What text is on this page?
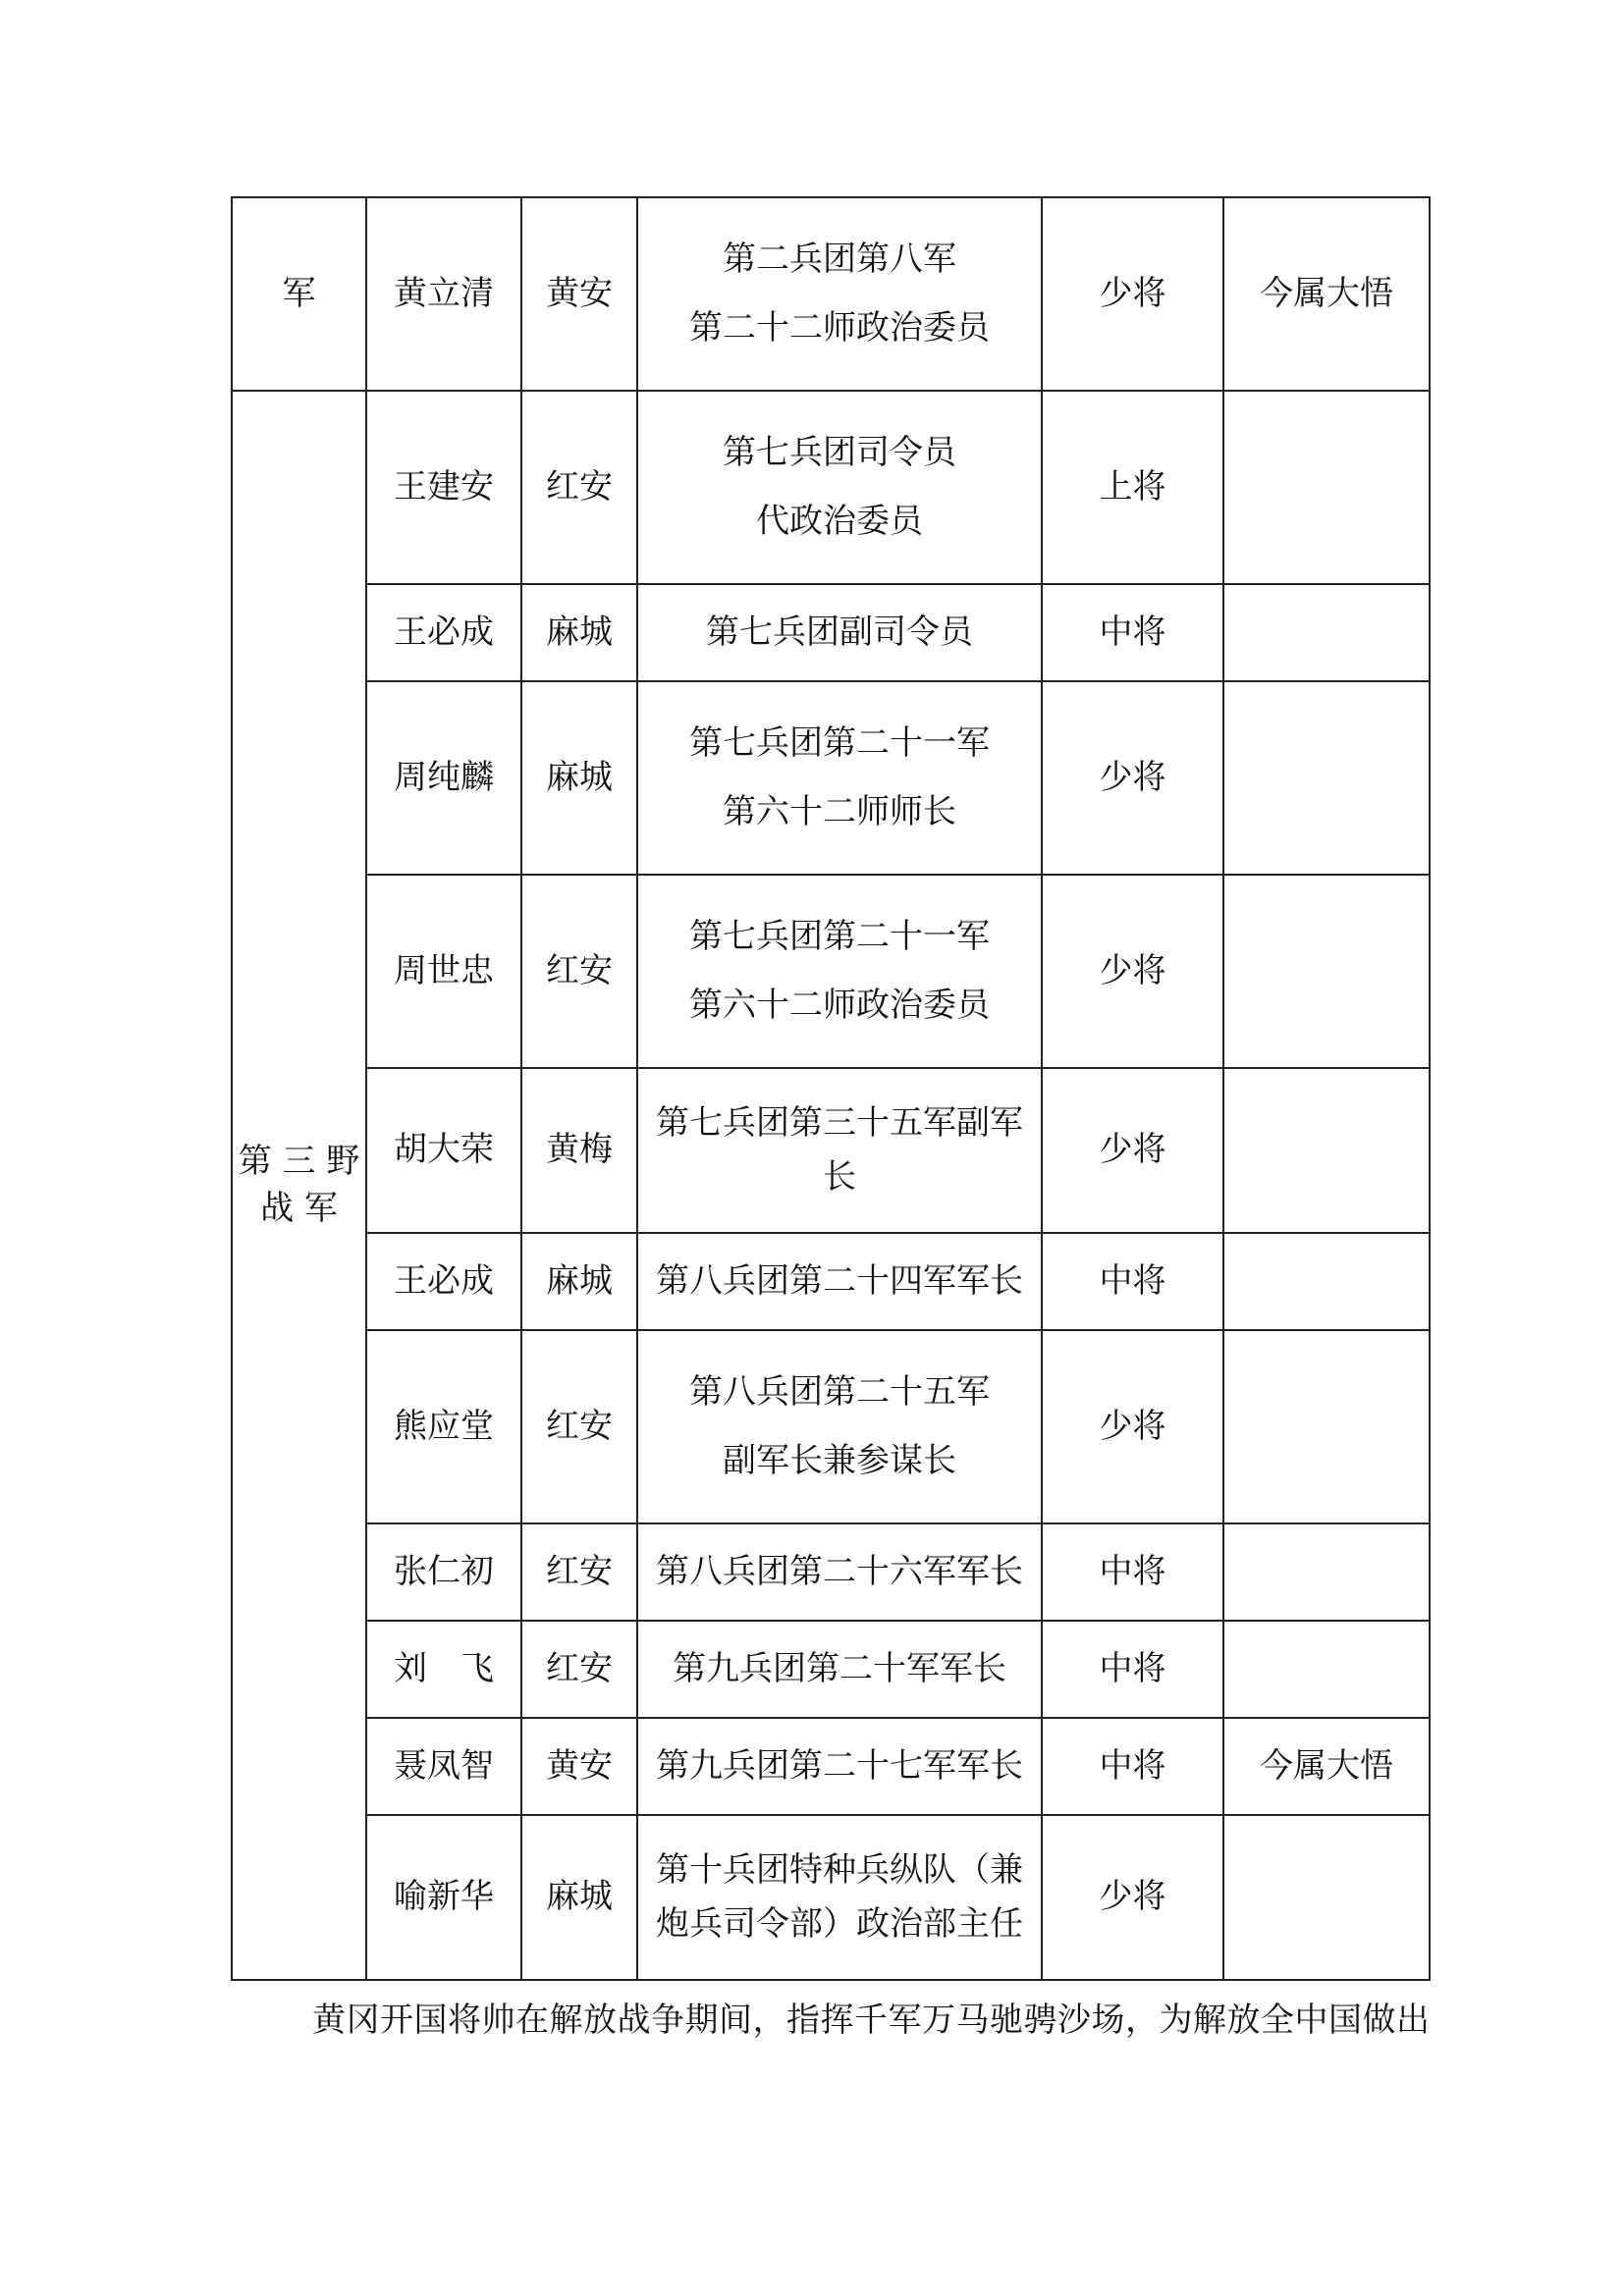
军	黄立清	黄安	第二兵团第八军
第二十二师政治委员	少将	今属大悟
第 三 野 战 军	王建安	红安	第七兵团司令员
代政治委员	上将	
	王必成	麻城	第七兵团副司令员	中将	
	周纯麟	麻城	第七兵团第二十一军
第六十二师师长	少将	
	周世忠	红安	第七兵团第二十一军
第六十二师政治委员	少将	
	胡大荣	黄梅	第七兵团第三十五军副军
长	少将	
	王必成	麻城	第八兵团第二十四军军长	中将	
	熊应堂	红安	第八兵团第二十五军
副军长兼参谋长	少将	
	张仁初	红安	第八兵团第二十六军军长	中将	
	刘　飞	红安	第九兵团第二十军军长	中将	
	聂凤智	黄安	第九兵团第二十七军军长	中将	今属大悟
	喻新华	麻城	第十兵团特种兵纵队（兼
炮兵司令部）政治部主任	少将	
黄冈开国将帅在解放战争期间，指挥千军万马驰骋沙场，为解放全中国做出
